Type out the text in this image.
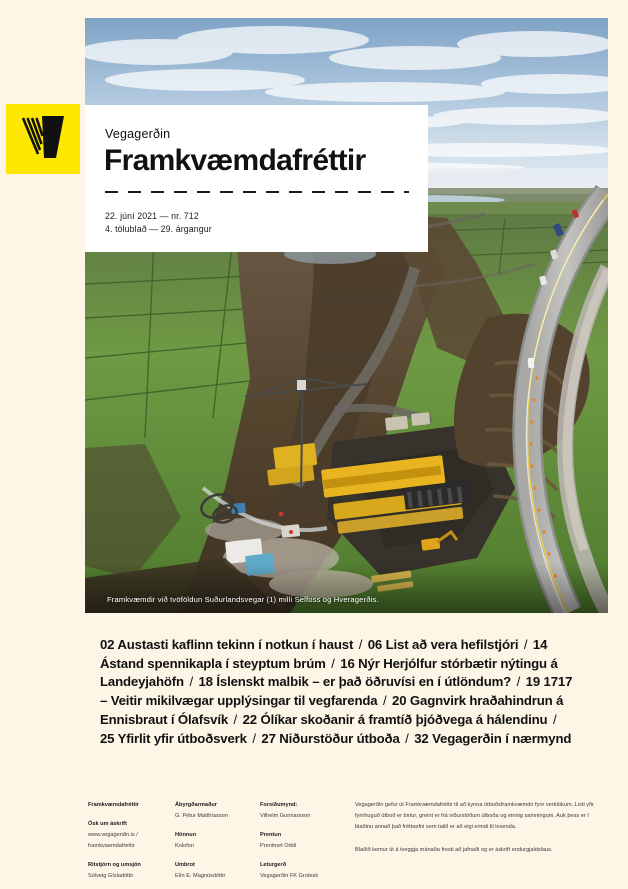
Framkvæmdir við tvöföldun Suðurlandsvegar (1) milli Selfoss og Hveragerðis.
Vegagerðin
Framkvæmdafréttir
22. júní 2021 — nr. 712
4. tölublað — 29. árgangur
02 Austasti kaflinn tekinn í notkun í haust / 06 List að vera hefilstjóri / 14 Ástand spennikapla í steyptum brúm / 16 Nýr Herjólfur stórbætir nýtingu á Landeyjahöfn / 18 Íslenskt malbik – er það öðruvísi en í útlöndum? / 19 1717 – Veitir mikilvægar upplýsingar til vegfarenda / 20 Gagnvirk hraðahindrun á Ennisbraut í Ólafsvík / 22 Ólíkar skoðanir á framtíð þjóðvega á hálendinu / 25 Yfirlit yfir útboðsverk / 27 Niðurstöður útboða / 32 Vegagerðin í nærmynd
Framkvæmdafréttir
Ósk um áskrift
www.vegagerdin.is /
framkvaemdafrettir
Ritstjórn og umsjón
Sólveig Gísladóttir
Ábyrgðarmaður
G. Pétur Matthíasson
Hönnun
Kolofon
Umbrot
Elín E. Magnúsdóttir
Forsíðumynd:
Vilhelm Gunnarsson
Prentun
Prentmet Oddi
Leturgerð
Vegagerðin FK Grotesk

Vegagerðin gefur út Framkvæmdafréttir til að kynna útboðsframkvæmdir fyrir verktökum. Listi yfir fyrirhuguð útboð er birtur, greint er frá niðurstöðum útboða og einnig samningum. Auk þess er í blaðinu annað það fréttaefni sem talið er að eigi erindi til lesenda.

Blaðið kemur út á tveggja mánaða fresti að jafnaði og er áskrift endurgjaldslaus.
